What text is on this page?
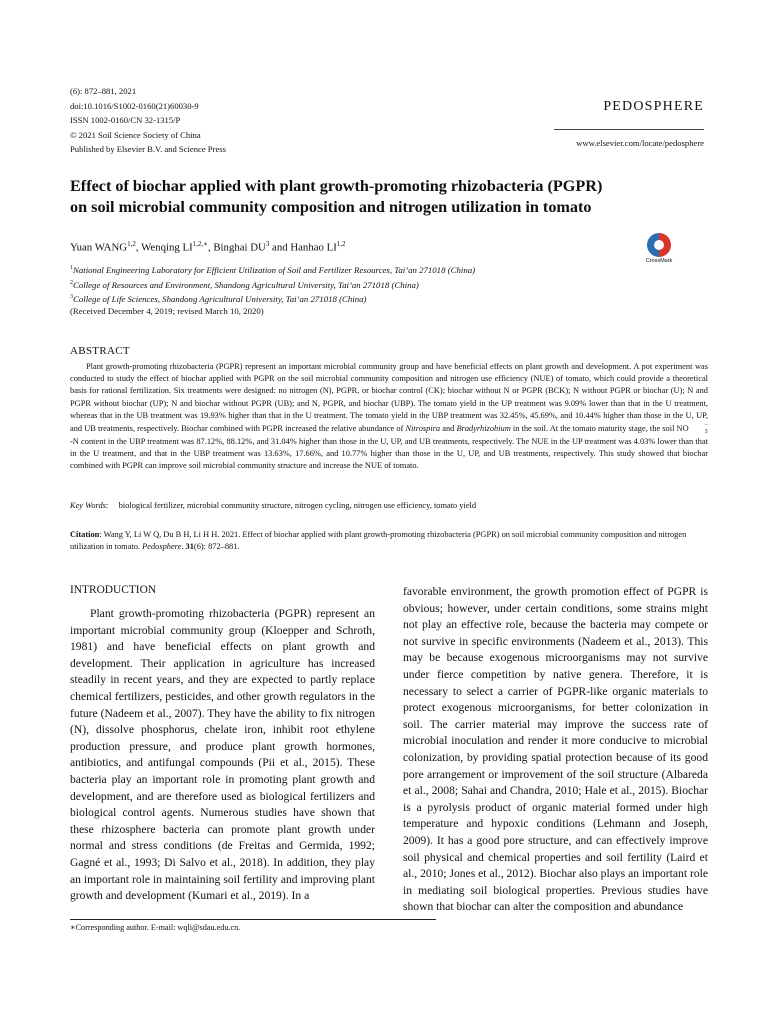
(6): 872–881, 2021
doi:10.1016/S1002-0160(21)60030-9
ISSN 1002-0160/CN 32-1315/P
© 2021 Soil Science Society of China
Published by Elsevier B.V. and Science Press
PEDOSPHERE
www.elsevier.com/locate/pedosphere
Effect of biochar applied with plant growth-promoting rhizobacteria (PGPR)
on soil microbial community composition and nitrogen utilization in tomato
Yuan WANG$^{1,2}$, Wenqing $LI^{1,2,∗}$, Binghai $DU^3$ and Hanhao LI$^{1,2}$
CrossMark
$^1$National Engineering Laboratory for Efficient Utilization of Soil and Fertilizer Resources, Tai’an 271018 (China)
$^2$College of Resources and Environment, Shandong Agricultural University, Tai’an 271018 (China)
$^3$College of Life Sciences, Shandong Agricultural University, Tai’an 271018 (China)
(Received December 4, 2019; revised March 10, 2020)
ABSTRACT
Plant growth-promoting rhizobacteria (PGPR) represent an important microbial community group and have beneficial effects on plant growth and development. A pot experiment was conducted to study the effect of biochar applied with PGPR on the soil microbial community composition and nitrogen use efficiency (NUE) of tomato, which could provide a theoretical basis for rational fertilization. Six treatments were designed: no nitrogen (N), PGPR, or biochar control (CK); biochar without N or PGPR (BCK); N without PGPR or biochar (U); N and PGPR without biochar (UP); N and biochar without PGPR (UB); and N, PGPR, and biochar (UBP). The tomato yield in the UP treatment was 9.09% lower than that in the U treatment, whereas that in the UB treatment was 19.93% higher than that in the U treatment. The tomato yield in the UBP treatment was 32.45%, 45.69%, and 10.44% higher than those in the U, UP, and UB treatments, respectively. Biochar combined with PGPR increased the relative abundance of Nitrospira and Bradyrhizobium in the soil. At the tomato maturity stage, the soil NO	−
3
-N content in the UBP treatment was 87.12%, 88.12%, and 31.04% higher than those in the U, UP, and UB treatments, respectively. The NUE in the UP treatment was 4.03% lower than that in the U treatment, and that in the UBP treatment was 13.63%, 17.66%, and 10.77% higher than those in the U, UP, and UB treatments, respectively. This study showed that biochar combined with PGPR can improve soil microbial community structure and increase the NUE of tomato.
Key Words:     biological fertilizer, microbial community structure, nitrogen cycling, nitrogen use efficiency, tomato yield
Citation: Wang Y, Li W Q, Du B H, Li H H. 2021. Effect of biochar applied with plant growth-promoting rhizobacteria (PGPR) on soil microbial community composition and nitrogen utilization in tomato. Pedosphere. 31(6): 872–881.
INTRODUCTION
Plant growth-promoting rhizobacteria (PGPR) represent an important microbial community group (Kloepper and Schroth, 1981) and have beneficial effects on plant growth and development. Their application in agriculture has increased steadily in recent years, and they are expected to partly replace chemical fertilizers, pesticides, and other growth regulators in the future (Nadeem et al., 2007). They have the ability to fix nitrogen (N), dissolve phosphorus, chelate iron, inhibit root ethylene production pressure, and produce plant growth hormones, antibiotics, and antifungal compounds (Pii et al., 2015). These bacteria play an important role in promoting plant growth and development, and are therefore used as biological fertilizers and biological control agents. Numerous studies have shown that these rhizosphere bacteria can promote plant growth under normal and stress conditions (de Freitas and Germida, 1992; Gagné et al., 1993; Di Salvo et al., 2018). In addition, they play an important role in maintaining soil fertility and improving plant growth and development (Kumari et al., 2019). In a
favorable environment, the growth promotion effect of PGPR is obvious; however, under certain conditions, some strains might not play an effective role, because the bacteria may compete or not survive in specific environments (Nadeem et al., 2013). This may be because exogenous microorganisms may not survive under fierce competition by native genera. Therefore, it is necessary to select a carrier of PGPR-like organic materials to protect exogenous microorganisms, for better colonization in soil. The carrier material may improve the success rate of microbial inoculation and render it more conducive to microbial colonization, by providing spatial protection because of its good pore arrangement or improvement of the soil structure (Albareda et al., 2008; Sahai and Chandra, 2010; Hale et al., 2015). Biochar is a pyrolysis product of organic material formed under high temperature and hypoxic conditions (Lehmann and Joseph, 2009). It has a good pore structure, and can effectively improve soil physical and chemical properties and soil fertility (Laird et al., 2010; Jones et al., 2012). Biochar also plays an important role in mediating soil biological properties. Previous studies have shown that biochar can alter the composition and abundance
∗Corresponding author. E-mail: wqli@sdau.edu.cn.
